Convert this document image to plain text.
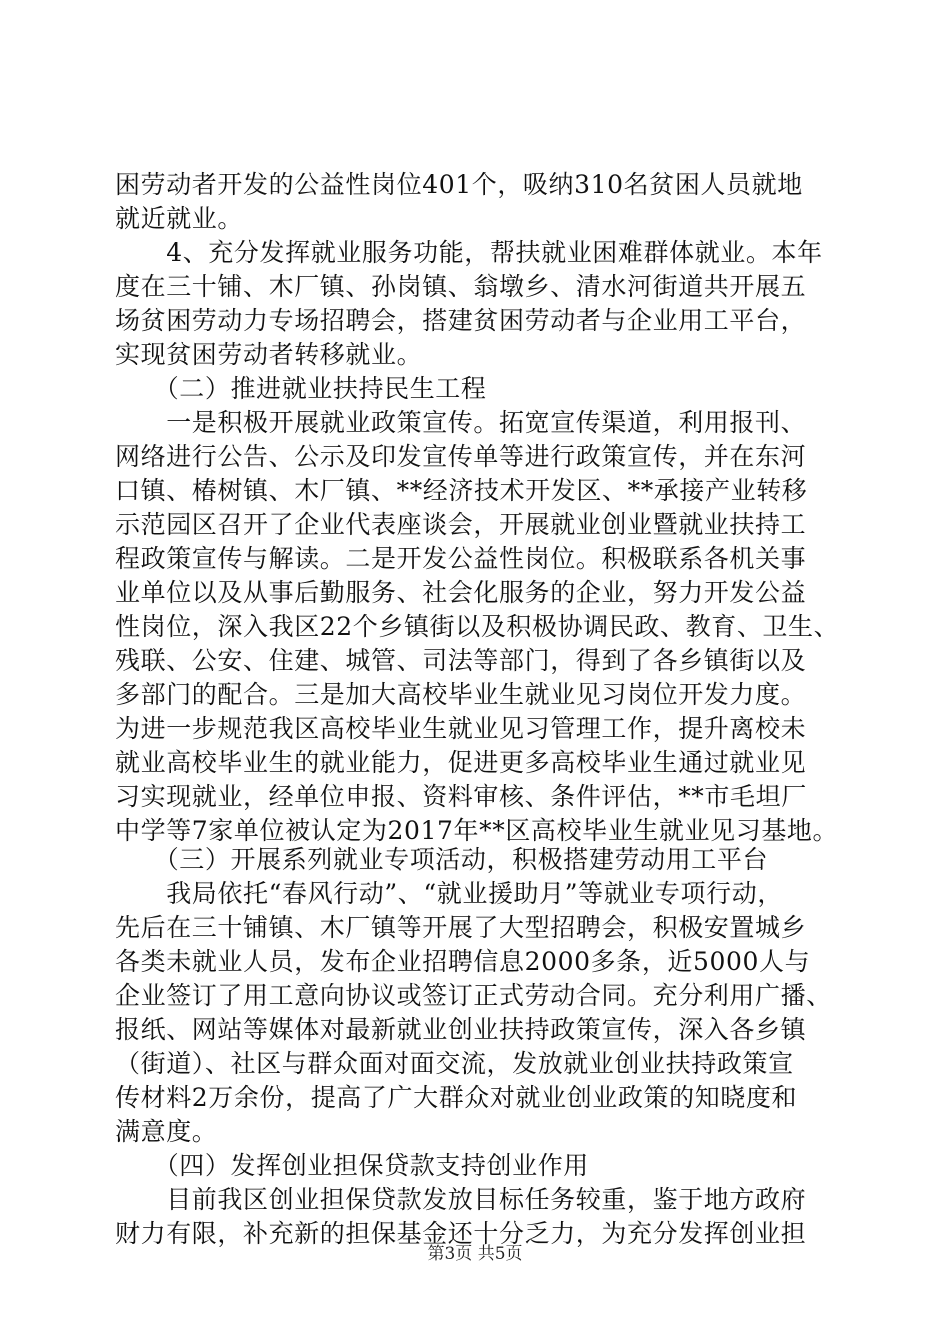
困劳动者开发的公益性岗位401个，吸纳310名贫困人员就地
就近就业。
　　4、充分发挥就业服务功能，帮扶就业困难群体就业。本年
度在三十铺、木厂镇、孙岗镇、翁墩乡、清水河街道共开展五
场贫困劳动力专场招聘会，搭建贫困劳动者与企业用工平台，
实现贫困劳动者转移就业。
　　（二）推进就业扶持民生工程
　　一是积极开展就业政策宣传。拓宽宣传渠道，利用报刊、
网络进行公告、公示及印发宣传单等进行政策宣传，并在东河
口镇、椿树镇、木厂镇、**经济技术开发区、**承接产业转移
示范园区召开了企业代表座谈会，开展就业创业暨就业扶持工
程政策宣传与解读。二是开发公益性岗位。积极联系各机关事
业单位以及从事后勤服务、社会化服务的企业，努力开发公益
性岗位，深入我区22个乡镇街以及积极协调民政、教育、卫生、
残联、公安、住建、城管、司法等部门，得到了各乡镇街以及
多部门的配合。三是加大高校毕业生就业见习岗位开发力度。
为进一步规范我区高校毕业生就业见习管理工作，提升离校未
就业高校毕业生的就业能力，促进更多高校毕业生通过就业见
习实现就业，经单位申报、资料审核、条件评估，**市毛坦厂
中学等7家单位被认定为2017年**区高校毕业生就业见习基地。
　　（三）开展系列就业专项活动，积极搭建劳动用工平台
　　我局依托“春风行动”、“就业援助月”等就业专项行动，
先后在三十铺镇、木厂镇等开展了大型招聘会，积极安置城乡
各类未就业人员，发布企业招聘信息2000多条，近5000人与
企业签订了用工意向协议或签订正式劳动合同。充分利用广播、
报纸、网站等媒体对最新就业创业扶持政策宣传，深入各乡镇
（街道）、社区与群众面对面交流，发放就业创业扶持政策宣
传材料2万余份，提高了广大群众对就业创业政策的知晓度和
满意度。
　　（四）发挥创业担保贷款支持创业作用
　　目前我区创业担保贷款发放目标任务较重，鉴于地方政府
财力有限，补充新的担保基金还十分乏力，为充分发挥创业担
第3页 共5页
